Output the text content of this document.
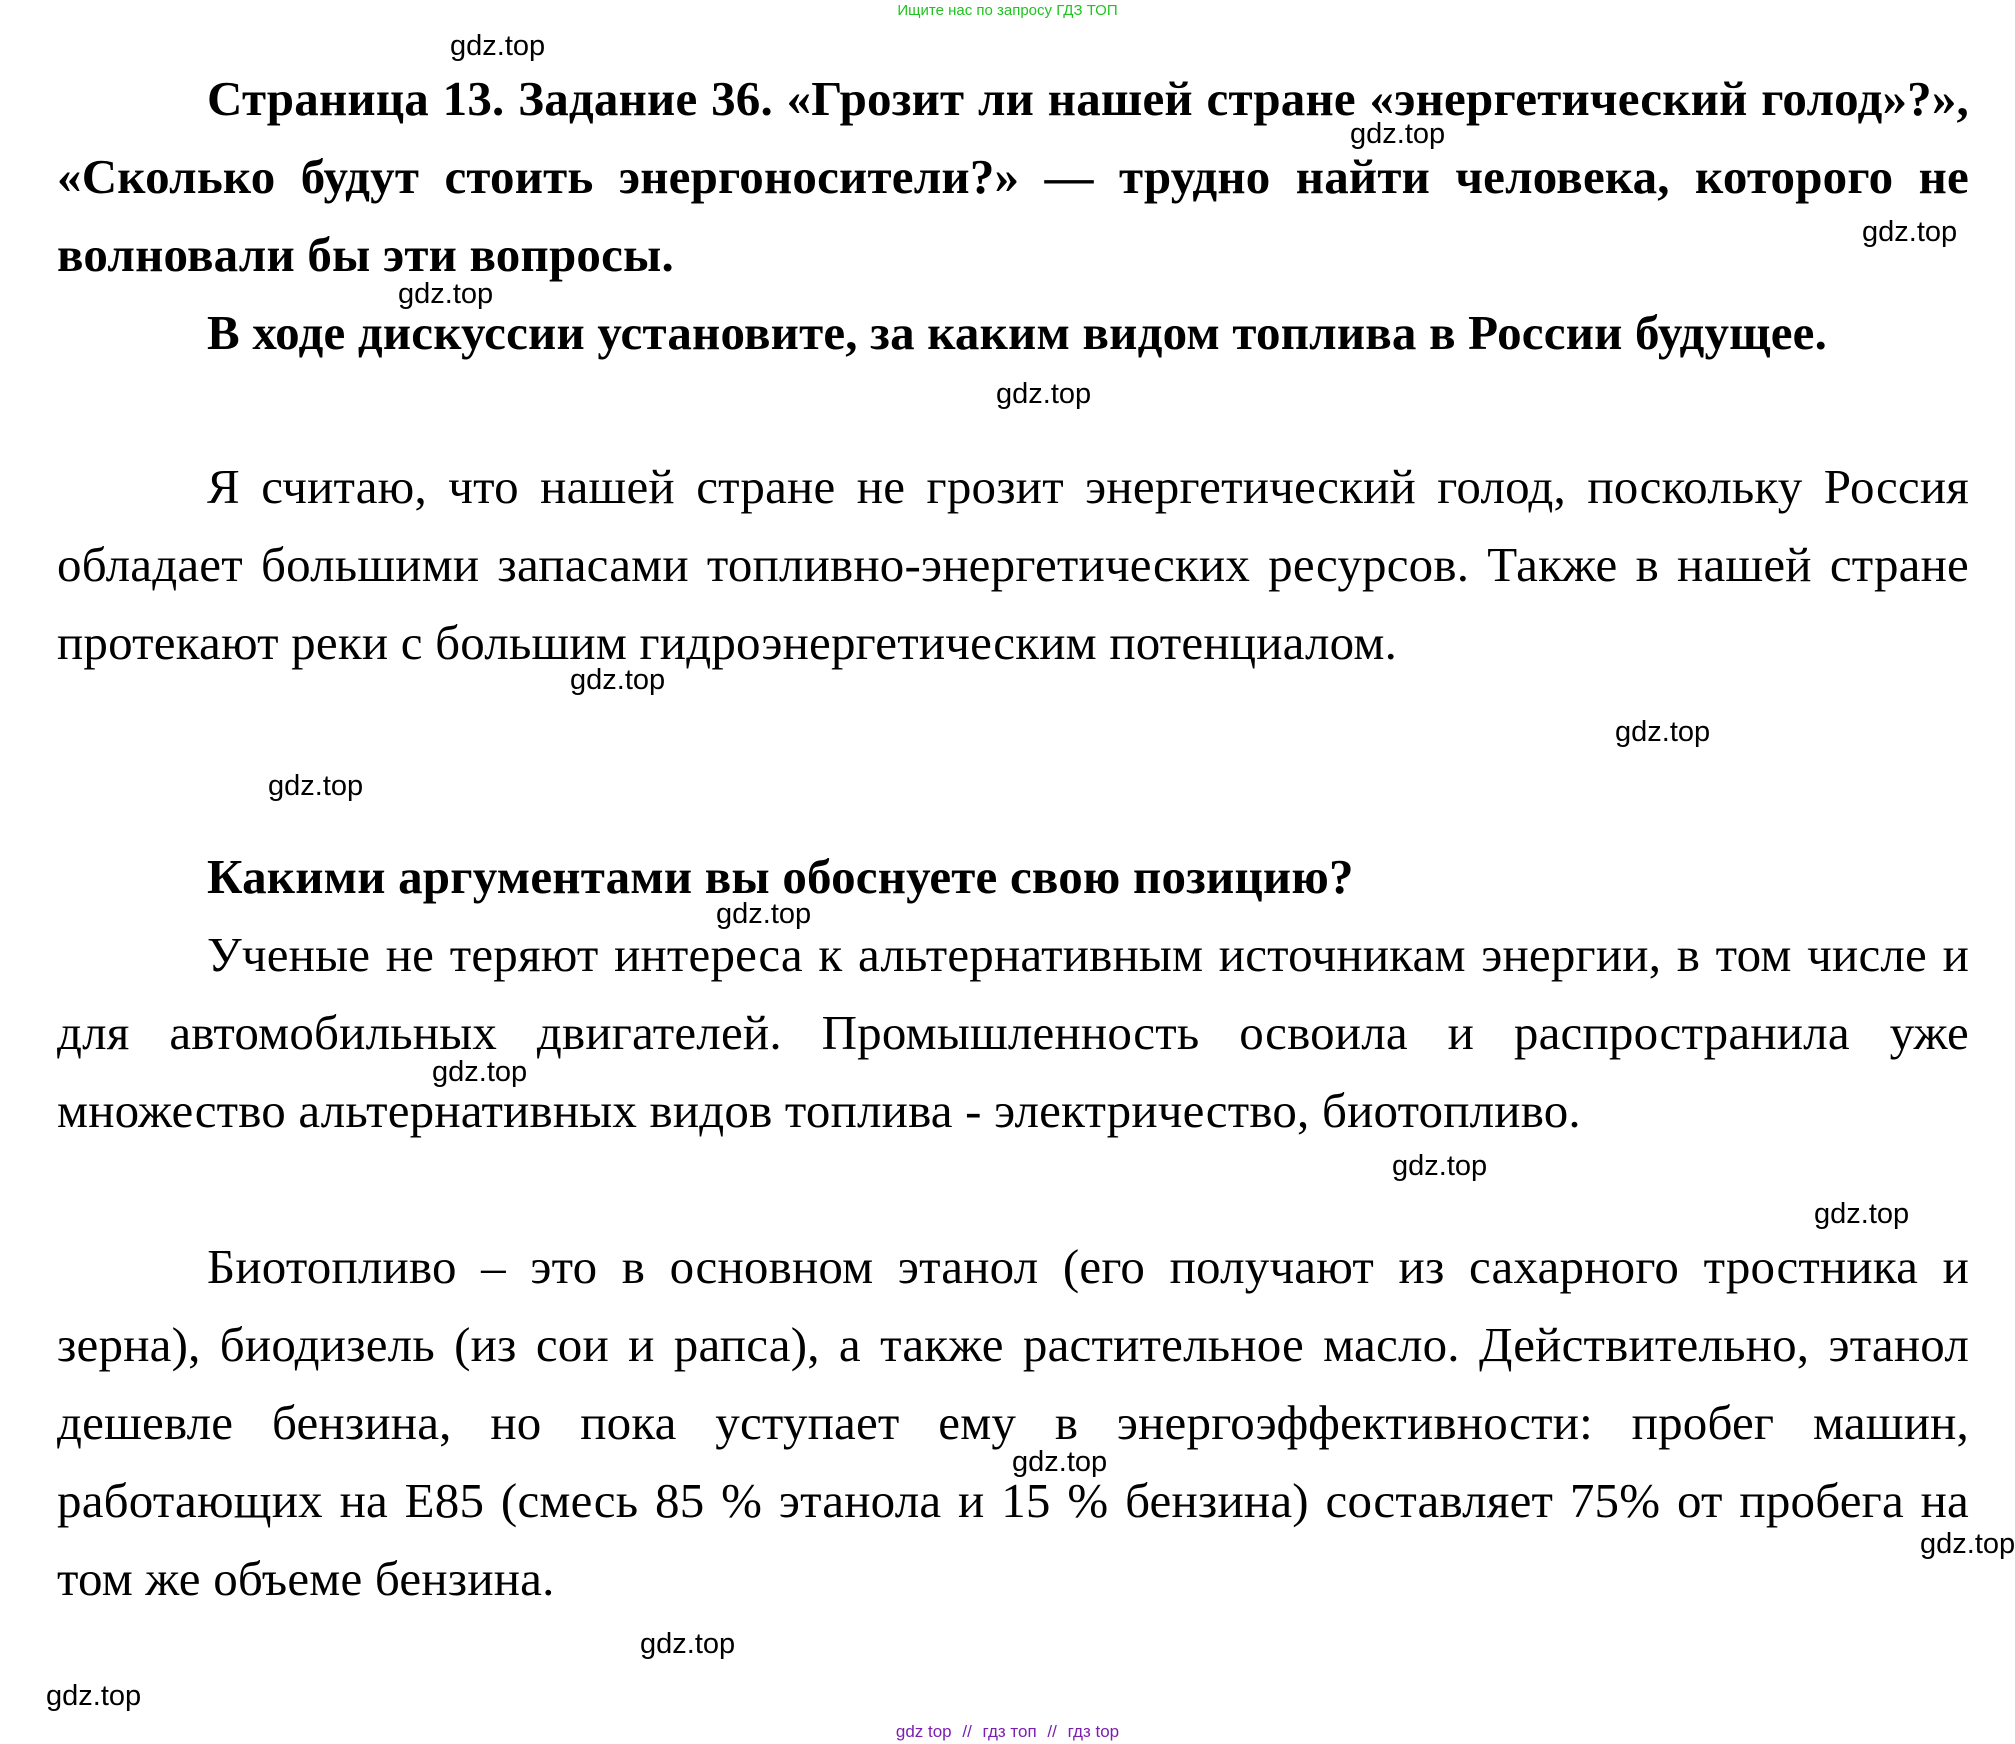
Ищите нас по запросу ГДЗ ТОП

Страница 13. Задание 36. «Грозит ли нашей стране «энергетический голод»?», «Сколько будут стоить энергоносители?» — трудно найти человека, которого не волновали бы эти вопросы.

В ходе дискуссии установите, за каким видом топлива в России будущее.

Я считаю, что нашей стране не грозит энергетический голод, поскольку Россия обладает большими запасами топливно-энергетических ресурсов. Также в нашей стране протекают реки с большим гидроэнергетическим потенциалом.

Какими аргументами вы обоснуете свою позицию?

Ученые не теряют интереса к альтернативным источникам энергии, в том числе и для автомобильных двигателей. Промышленность освоила и распространила уже множество альтернативных видов топлива - электричество, биотопливо.

Биотопливо – это в основном этанол (его получают из сахарного тростника и зерна), биодизель (из сои и рапса), а также растительное масло. Действительно, этанол дешевле бензина, но пока уступает ему в энергоэффективности: пробег машин, работающих на Е85 (смесь 85 % этанола и 15 % бензина) составляет 75% от пробега на том же объеме бензина.

gdz.top
gdz.top
gdz.top
gdz.top
gdz.top
gdz.top
gdz.top
gdz.top
gdz.top
gdz.top
gdz.top
gdz.top
gdz.top
gdz.top
gdz.top
gdz.top
gdz top // гдз топ // гдз top
